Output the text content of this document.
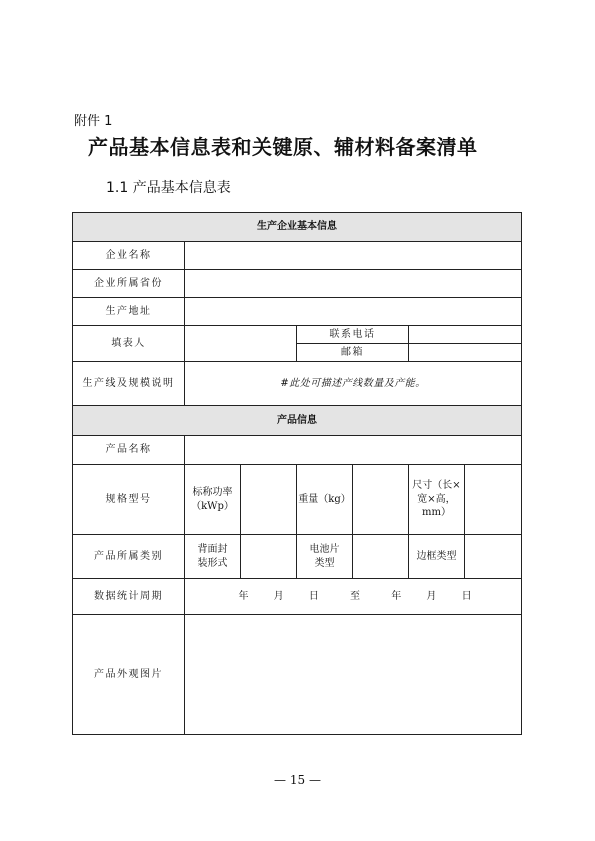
附件 1
产品基本信息表和关键原、辅材料备案清单
1.1 产品基本信息表
生产企业基本信息						
企业名称						
企业所属省份						
生产地址						
填表人			联系电话			
			邮箱			
生产线及规模说明	#此处可描述产线数量及产能。					
产品信息						
产品名称						
规格型号	标称功率（kWp）		重量（kg）		尺寸（长×宽×高，mm）	
产品所属类别	背面封装形式		电池片类型		边框类型	
数据统计周期	年 月 日 至 年 月 日					
产品外观图片						
— 15 —
